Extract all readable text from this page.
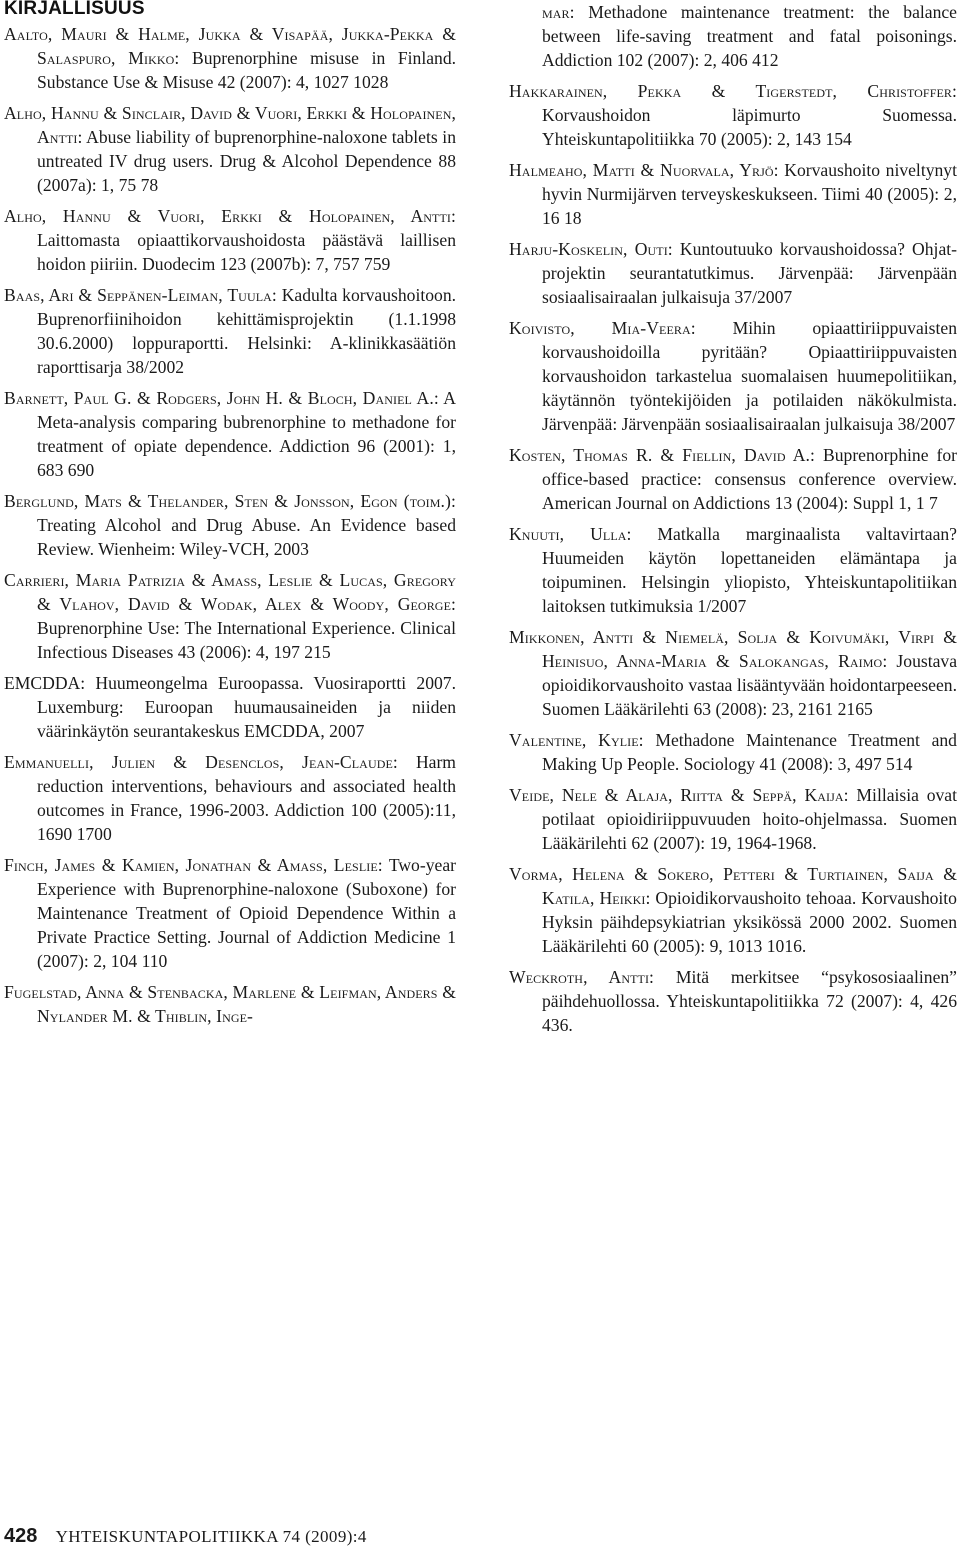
KIRJALLISUUS

Aalto, Mauri & Halme, Jukka & Visapää, Jukka-Pekka & Salaspuro, Mikko: Buprenorphine misuse in Finland. Substance Use & Misuse 42 (2007): 4, 1027 1028

Alho, Hannu & Sinclair, David & Vuori, Erkki & Holopainen, Antti: Abuse liability of buprenorphine-naloxone tablets in untreated IV drug users. Drug & Alcohol Dependence 88 (2007a): 1, 75 78

Alho, Hannu & Vuori, Erkki & Holopainen, Antti: Laittomasta opiaattikorvaushoidosta päästävä laillisen hoidon piiriin. Duodecim 123 (2007b): 7, 757 759

Baas, Ari & Seppänen-Leiman, Tuula: Kadulta korvaushoitoon. Buprenorfiinihoidon kehittämisprojektin (1.1.1998 30.6.2000) loppuraportti. Helsinki: A-klinikkasäätiön raporttisarja 38/2002

Barnett, Paul G. & Rodgers, John H. & Bloch, Daniel A.: A Meta-analysis comparing bubrenorphine to methadone for treatment of opiate dependence. Addiction 96 (2001): 1, 683 690

Berglund, Mats & Thelander, Sten & Jonsson, Egon (toim.): Treating Alcohol and Drug Abuse. An Evidence based Review. Wienheim: Wiley-VCH, 2003

Carrieri, Maria Patrizia & Amass, Leslie & Lucas, Gregory & Vlahov, David & Wodak, Alex & Woody, George: Buprenorphine Use: The International Experience. Clinical Infectious Diseases 43 (2006): 4, 197 215

EMCDDA: Huumeongelma Euroopassa. Vuosiraportti 2007. Luxemburg: Euroopan huumausaineiden ja niiden väärinkäytön seurantakeskus EMCDDA, 2007

Emmanuelli, Julien & Desenclos, Jean-Claude: Harm reduction interventions, behaviours and associated health outcomes in France, 1996-2003. Addiction 100 (2005):11, 1690 1700

Finch, James & Kamien, Jonathan & Amass, Leslie: Two-year Experience with Buprenorphine-naloxone (Suboxone) for Maintenance Treatment of Opioid Dependence Within a Private Practice Setting. Journal of Addiction Medicine 1 (2007): 2, 104 110

Fugelstad, Anna & Stenbacka, Marlene & Leifman, Anders & Nylander M. & Thiblin, Inge-

mar: Methadone maintenance treatment: the balance between life-saving treatment and fatal poisonings. Addiction 102 (2007): 2, 406 412

Hakkarainen, Pekka & Tigerstedt, Christoffer: Korvaushoidon läpimurto Suomessa. Yhteiskuntapolitiikka 70 (2005): 2, 143 154

Halmeaho, Matti & Nuorvala, Yrjö: Korvaushoito niveltynyt hyvin Nurmijärven terveyskeskukseen. Tiimi 40 (2005): 2, 16 18

Harju-Koskelin, Outi: Kuntoutuuko korvaushoidossa? Ohjat-projektin seurantatutkimus. Järvenpää: Järvenpään sosiaalisairaalan julkaisuja 37/2007

Koivisto, Mia-Veera: Mihin opiaattiriippuvaisten korvaushoidoilla pyritään? Opiaattiriippuvaisten korvaushoidon tarkastelua suomalaisen huumepolitiikan, käytännön työntekijöiden ja potilaiden näkökulmista. Järvenpää: Järvenpään sosiaalisairaalan julkaisuja 38/2007

Kosten, Thomas R. & Fiellin, David A.: Buprenorphine for office-based practice: consensus conference overview. American Journal on Addictions 13 (2004): Suppl 1, 1 7

Knuuti, Ulla: Matkalla marginaalista valtavirtaan? Huumeiden käytön lopettaneiden elämäntapa ja toipuminen. Helsingin yliopisto, Yhteiskuntapolitiikan laitoksen tutkimuksia 1/2007

Mikkonen, Antti & Niemelä, Solja & Koivumäki, Virpi & Heinisuo, Anna-Maria & Salokangas, Raimo: Joustava opioidikorvaushoito vastaa lisääntyvään hoidontarpeeseen. Suomen Lääkärilehti 63 (2008): 23, 2161 2165

Valentine, Kylie: Methadone Maintenance Treatment and Making Up People. Sociology 41 (2008): 3, 497 514

Veide, Nele & Alaja, Riitta & Seppä, Kaija: Millaisia ovat potilaat opioidiriippuvuuden hoito-ohjelmassa. Suomen Lääkärilehti 62 (2007): 19, 1964-1968.

Vorma, Helena & Sokero, Petteri & Turtiainen, Saija & Katila, Heikki: Opioidikorvaushoito tehoaa. Korvaushoito Hyksin päihdepsykiatrian yksikössä 2000 2002. Suomen Lääkärilehti 60 (2005): 9, 1013 1016.

Weckroth, Antti: Mitä merkitsee “psykososiaalinen” päihdehuollossa. Yhteiskuntapolitiikka 72 (2007): 4, 426 436.

428 YHTEISKUNTAPOLITIIKKA 74 (2009):4
